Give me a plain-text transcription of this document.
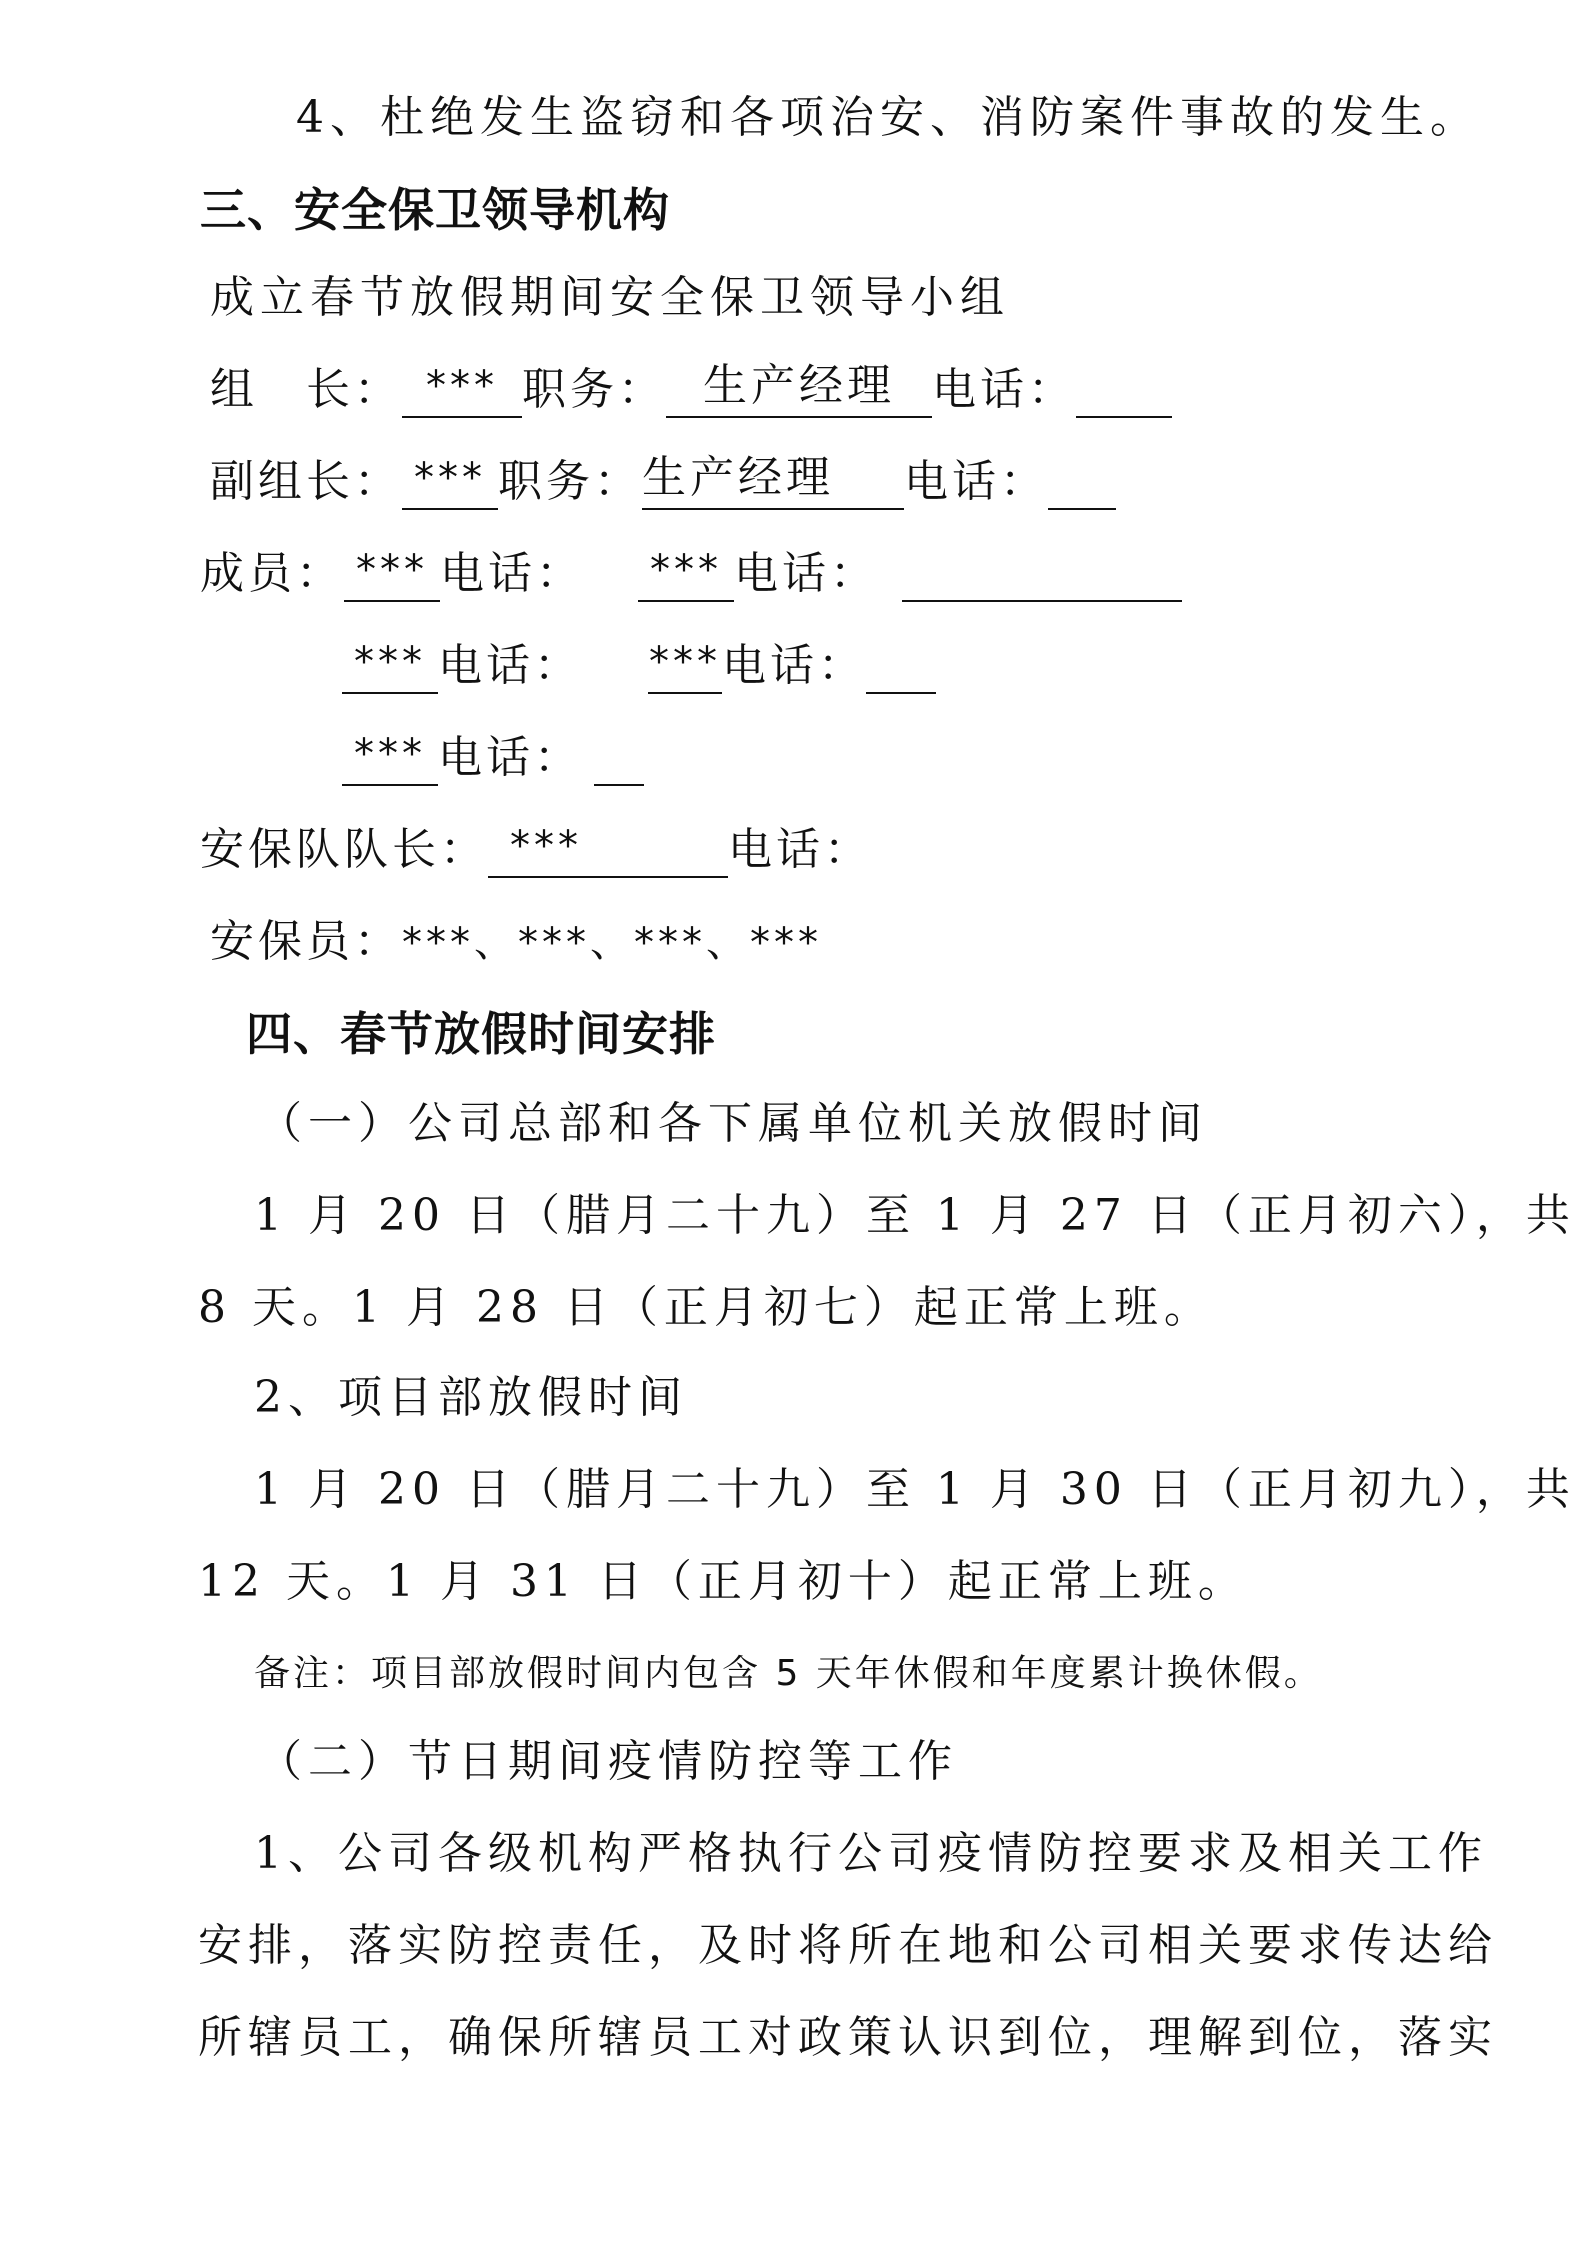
4、杜绝发生盗窃和各项治安、消防案件事故的发生。
三、安全保卫领导机构
成立春节放假期间安全保卫领导小组
组　长： *** 职务： 生产经理 电话：
副组长： *** 职务：生产经理 电话：
成员： *** 电话： *** 电话：
*** 电话： ***电话：
*** 电话：
安保队队长： ***	电话：
安保员：***、***、***、***
四、春节放假时间安排
（一）公司总部和各下属单位机关放假时间
1 月 20 日（腊月二十九）至 1 月 27 日（正月初六），共
8 天。1 月 28 日（正月初七）起正常上班。
2、项目部放假时间
1 月 20 日（腊月二十九）至 1 月 30 日（正月初九），共
12 天。1 月 31 日（正月初十）起正常上班。
备注：项目部放假时间内包含 5 天年休假和年度累计换休假。
（二）节日期间疫情防控等工作
1、公司各级机构严格执行公司疫情防控要求及相关工作
安排，落实防控责任，及时将所在地和公司相关要求传达给
所辖员工，确保所辖员工对政策认识到位，理解到位，落实
